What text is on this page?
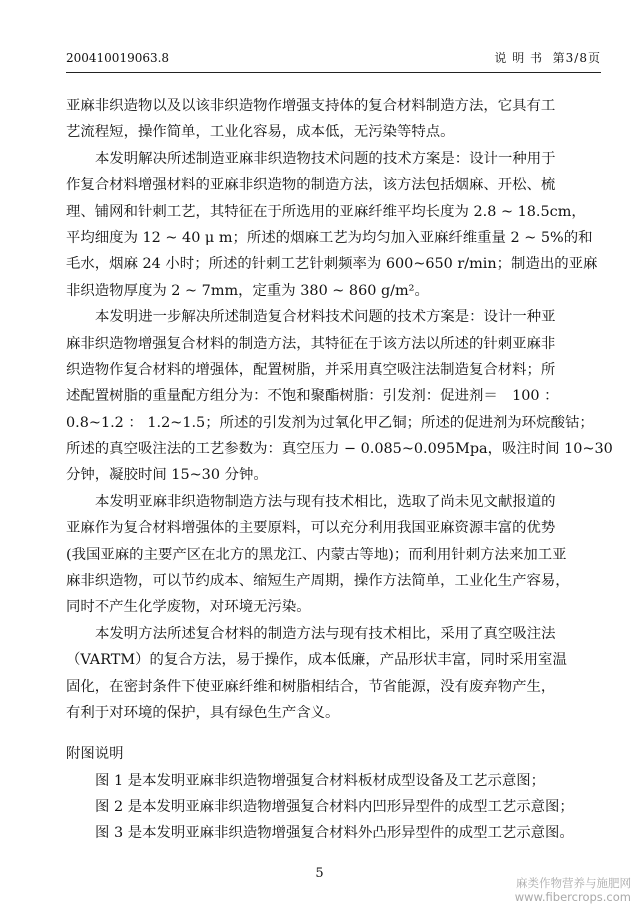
200410019063.8	说 明 书 第3/8页
亚麻非织造物以及以该非织造物作增强支持体的复合材料制造方法，它具有工
艺流程短，操作简单，工业化容易，成本低，无污染等特点。
本发明解决所述制造亚麻非织造物技术问题的技术方案是：设计一种用于
作复合材料增强材料的亚麻非织造物的制造方法，该方法包括烟麻、开松、梳
理、铺网和针刺工艺，其特征在于所选用的亚麻纤维平均长度为 2.8 ~ 18.5cm，
平均细度为 12 ~ 40 μ m；所述的烟麻工艺为均匀加入亚麻纤维重量 2 ~ 5%的和
毛水，烟麻 24 小时；所述的针刺工艺针刺频率为 600~650 r/min；制造出的亚麻
非织造物厚度为 2 ~ 7mm，定重为 380 ~ 860 g/m²。
本发明进一步解决所述制造复合材料技术问题的技术方案是：设计一种亚
麻非织造物增强复合材料的制造方法，其特征在于该方法以所述的针刺亚麻非
织造物作复合材料的增强体，配置树脂，并采用真空吸注法制造复合材料；所
述配置树脂的重量配方组分为：不饱和聚酯树脂：引发剂：促进剂＝　100 ：
0.8~1.2 ： 1.2~1.5；所述的引发剂为过氧化甲乙铜；所述的促进剂为环烷酸钴；
所述的真空吸注法的工艺参数为：真空压力 − 0.085~0.095Mpa，吸注时间 10~30
分钟，凝胶时间 15~30 分钟。
本发明亚麻非织造物制造方法与现有技术相比，选取了尚未见文献报道的
亚麻作为复合材料增强体的主要原料，可以充分利用我国亚麻资源丰富的优势
(我国亚麻的主要产区在北方的黑龙江、内蒙古等地)；而利用针刺方法来加工亚
麻非织造物，可以节约成本、缩短生产周期，操作方法简单，工业化生产容易，
同时不产生化学废物，对环境无污染。
本发明方法所述复合材料的制造方法与现有技术相比，采用了真空吸注法
（VARTM）的复合方法，易于操作，成本低廉，产品形状丰富，同时采用室温
固化，在密封条件下使亚麻纤维和树脂相结合，节省能源，没有废弃物产生，
有利于对环境的保护，具有绿色生产含义。
附图说明
图 1 是本发明亚麻非织造物增强复合材料板材成型设备及工艺示意图；
图 2 是本发明亚麻非织造物增强复合材料内凹形异型件的成型工艺示意图；
图 3 是本发明亚麻非织造物增强复合材料外凸形异型件的成型工艺示意图。
5
麻类作物营养与施肥网
www.fibercrops.com
